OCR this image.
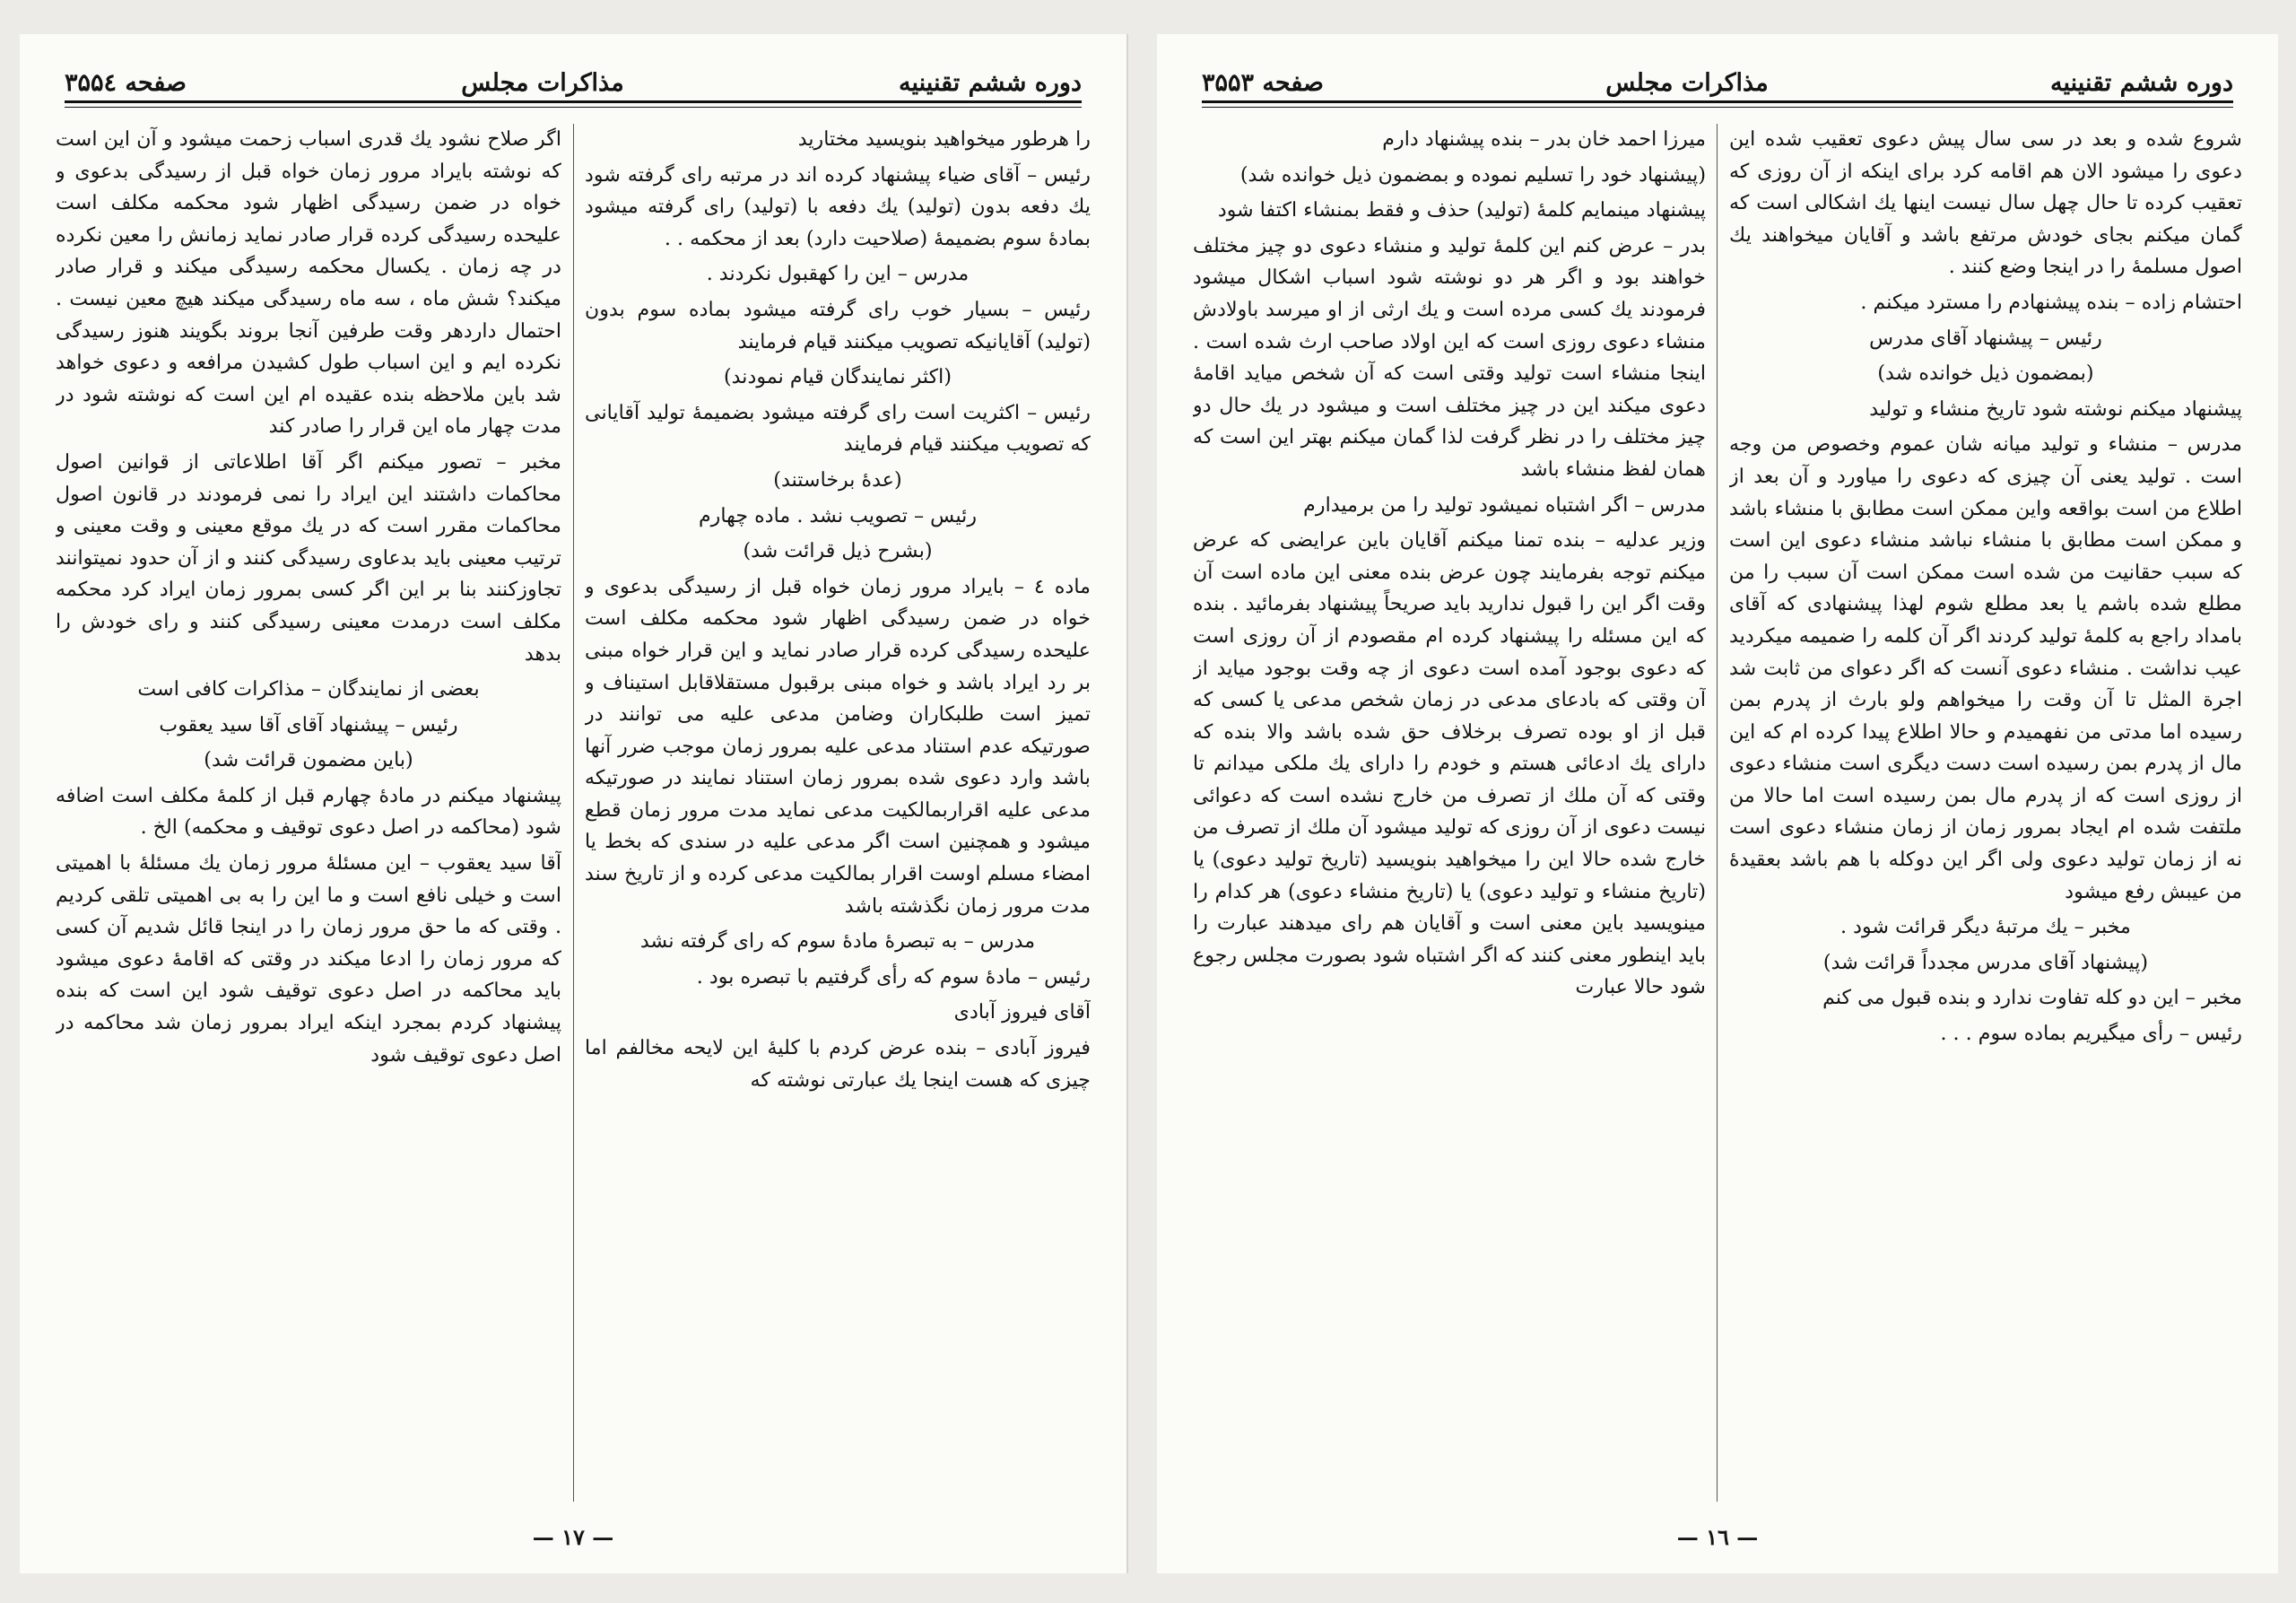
دوره ششم تقنینیه
مذاکرات مجلس
صفحه ۳۵۵٤

را هرطور میخواهید بنویسید مختارید

رئیس – آقای ضیاء پیشنهاد کرده اند در مرتبه رای گرفته شود یك دفعه بدون (تولید) یك دفعه با (تولید) رای گرفته میشود بمادهٔ سوم بضمیمهٔ (صلاحیت دارد) بعد از محکمه . .

مدرس – این را کهقبول نکردند .

رئیس – بسیار خوب رای گرفته میشود بماده سوم بدون (تولید) آقایانیکه تصویب میکنند قیام فرمایند

(اکثر نمایندگان قیام نمودند)

رئیس – اکثریت است رای گرفته میشود بضمیمهٔ تولید آقایانی که تصویب میکنند قیام فرمایند

(عدهٔ برخاستند)

رئیس – تصویب نشد . ماده چهارم

(بشرح ذیل قرائت شد)

ماده ٤ – بایراد مرور زمان خواه قبل از رسیدگی بدعوی و خواه در ضمن رسیدگی اظهار شود محکمه مکلف است علیحده رسیدگی کرده قرار صادر نماید و این قرار خواه مبنی بر رد ایراد باشد و خواه مبنی برقبول مستقلاقابل استیناف و تمیز است طلبکاران وضامن مدعی علیه می توانند در صورتیکه عدم استناد مدعی علیه بمرور زمان موجب ضرر آنها باشد وارد دعوی شده بمرور زمان استناد نمایند در صورتیکه مدعی علیه اقراربمالکیت مدعی نماید مدت مرور زمان قطع میشود و همچنین است اگر مدعی علیه در سندی که بخط یا امضاء مسلم اوست اقرار بمالکیت مدعی کرده و از تاریخ سند مدت مرور زمان نگذشته باشد

مدرس – به تبصرهٔ مادهٔ سوم که رای گرفته نشد

رئیس – مادهٔ سوم که رأی گرفتیم با تبصره بود .

آقای فیروز آبادی

فیروز آبادی – بنده عرض کردم با کلیهٔ این لایحه مخالفم اما چیزی که هست اینجا یك عبارتی نوشته که

اگر صلاح نشود یك قدری اسباب زحمت میشود و آن این است که نوشته بایراد مرور زمان خواه قبل از رسیدگی بدعوی و خواه در ضمن رسیدگی اظهار شود محکمه مکلف است علیحده رسیدگی کرده قرار صادر نماید زمانش را معین نکرده در چه زمان . یکسال محکمه رسیدگی میکند و قرار صادر میکند؟ شش ماه ، سه ماه رسیدگی میکند هیچ معین نیست . احتمال داردهر وقت طرفین آنجا بروند بگویند هنوز رسیدگی نکرده ایم و این اسباب طول کشیدن مرافعه و دعوی خواهد شد باین ملاحظه بنده عقیده ام این است که نوشته شود در مدت چهار ماه این قرار را صادر کند

مخبر – تصور میکنم اگر آقا اطلاعاتی از قوانین اصول محاکمات داشتند این ایراد را نمی فرمودند در قانون اصول محاکمات مقرر است که در یك موقع معینی و وقت معینی و ترتیب معینی باید بدعاوی رسیدگی کنند و از آن حدود نمیتوانند تجاوزکنند بنا بر این اگر کسی بمرور زمان ایراد کرد محکمه مکلف است درمدت معینی رسیدگی کنند و رای خودش را بدهد

بعضی از نمایندگان – مذاکرات کافی است

رئیس – پیشنهاد آقای آقا سید یعقوب

(باین مضمون قرائت شد)

پیشنهاد میکنم در مادهٔ چهارم قبل از کلمهٔ مکلف است اضافه شود (محاکمه در اصل دعوی توقیف و محکمه) الخ .

آقا سید یعقوب – این مسئلهٔ مرور زمان یك مسئلهٔ با اهمیتی است و خیلی نافع است و ما این را به بی اهمیتی تلقی کردیم . وقتی که ما حق مرور زمان را در اینجا قائل شدیم آن کسی که مرور زمان را ادعا میکند در وقتی که اقامهٔ دعوی میشود باید محاکمه در اصل دعوی توقیف شود این است که بنده پیشنهاد کردم بمجرد اینکه ایراد بمرور زمان شد محاکمه در اصل دعوی توقیف شود

— ۱۷ —
دوره ششم تقنینیه
مذاکرات مجلس
صفحه ۳۵۵۳

شروع شده و بعد در سی سال پیش دعوی تعقیب شده این دعوی را میشود الان هم اقامه کرد برای اینکه از آن روزی که تعقیب کرده تا حال چهل سال نیست اینها یك اشکالی است که گمان میکنم بجای خودش مرتفع باشد و آقایان میخواهند یك اصول مسلمهٔ را در اینجا وضع کنند .

احتشام زاده – بنده پیشنهادم را مسترد میکنم .

رئیس – پیشنهاد آقای مدرس

(بمضمون ذیل خوانده شد)

پیشنهاد میکنم نوشته شود تاریخ منشاء و تولید

مدرس – منشاء و تولید میانه شان عموم وخصوص من وجه است . تولید یعنی آن چیزی که دعوی را میاورد و آن بعد از اطلاع من است بواقعه واین ممکن است مطابق با منشاء باشد و ممکن است مطابق با منشاء نباشد منشاء دعوی این است که سبب حقانیت من شده است ممکن است آن سبب را من مطلع شده باشم یا بعد مطلع شوم لهذا پیشنهادی که آقای بامداد راجع به کلمهٔ تولید کردند اگر آن کلمه را ضمیمه میکردید عیب نداشت . منشاء دعوی آنست که اگر دعوای من ثابت شد اجرة المثل تا آن وقت را میخواهم ولو بارث از پدرم بمن رسیده اما مدتی من نفهمیدم و حالا اطلاع پیدا کرده ام که این مال از پدرم بمن رسیده است دست دیگری است منشاء دعوی از روزی است که از پدرم مال بمن رسیده است اما حالا من ملتفت شده ام ایجاد بمرور زمان از زمان منشاء دعوی است نه از زمان تولید دعوی ولی اگر این دوکله با هم باشد بعقیدهٔ من عیبش رفع میشود

مخبر – یك مرتبهٔ دیگر قرائت شود .

(پیشنهاد آقای مدرس مجدداً قرائت شد)

مخبر – این دو کله تفاوت ندارد و بنده قبول می کنم

رئیس – رأی میگیریم بماده سوم . . .

میرزا احمد خان بدر – بنده پیشنهاد دارم

(پیشنهاد خود را تسلیم نموده و بمضمون ذیل خوانده شد)

پیشنهاد مینمایم کلمهٔ (تولید) حذف و فقط بمنشاء اکتفا شود

بدر – عرض کنم این کلمهٔ تولید و منشاء دعوی دو چیز مختلف خواهند بود و اگر هر دو نوشته شود اسباب اشکال میشود فرمودند یك کسی مرده است و یك ارثی از او میرسد باولادش منشاء دعوی روزی است که این اولاد صاحب ارث شده است . اینجا منشاء است تولید وقتی است که آن شخص میاید اقامهٔ دعوی میکند این در چیز مختلف است و میشود در یك حال دو چیز مختلف را در نظر گرفت لذا گمان میکنم بهتر این است که همان لفظ منشاء باشد

مدرس – اگر اشتباه نمیشود تولید را من برمیدارم

وزیر عدلیه – بنده تمنا میکنم آقایان باین عرایضی که عرض میکنم توجه بفرمایند چون عرض بنده معنی این ماده است آن وقت اگر این را قبول ندارید باید صریحاً پیشنهاد بفرمائید . بنده که این مسئله را پیشنهاد کرده ام مقصودم از آن روزی است که دعوی بوجود آمده است دعوی از چه وقت بوجود میاید از آن وقتی که بادعای مدعی در زمان شخص مدعی یا کسی که قبل از او بوده تصرف برخلاف حق شده باشد والا بنده که دارای یك ادعائی هستم و خودم را دارای یك ملکی میدانم تا وقتی که آن ملك از تصرف من خارج نشده است که دعوائی نیست دعوی از آن روزی که تولید میشود آن ملك از تصرف من خارج شده حالا این را میخواهید بنویسید (تاریخ تولید دعوی) یا (تاریخ منشاء و تولید دعوی) یا (تاریخ منشاء دعوی) هر کدام را مینویسید باین معنی است و آقایان هم رای میدهند عبارت را باید اینطور معنی کنند که اگر اشتباه شود بصورت مجلس رجوع شود حالا عبارت

— ۱٦ —
